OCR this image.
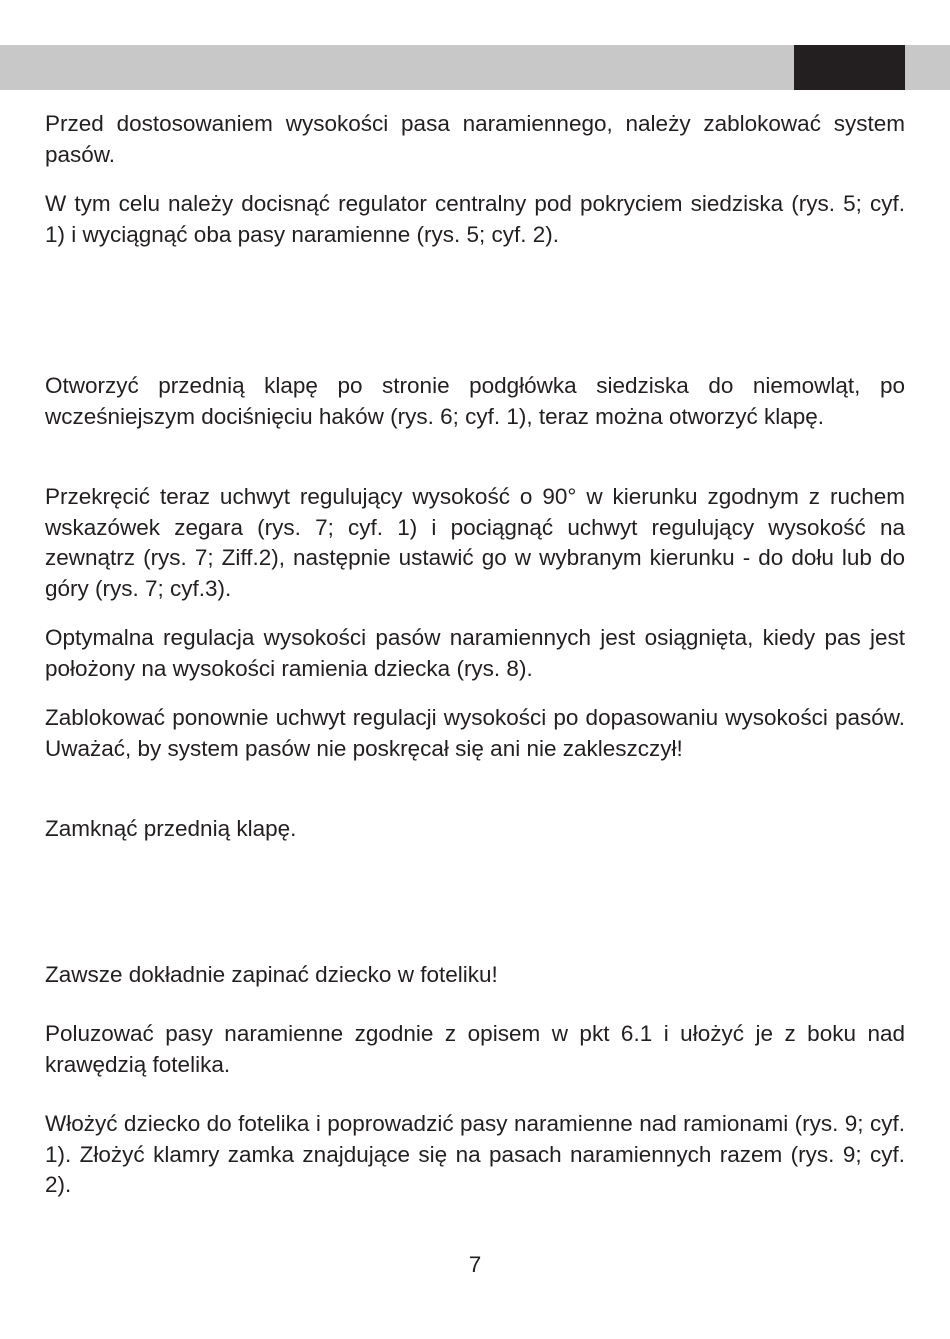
Przed dostosowaniem wysokości pasa naramiennego, należy zablokować system pasów.

W tym celu należy docisnąć regulator centralny pod pokryciem siedziska (rys. 5; cyf. 1) i wyciągnąć oba pasy naramienne (rys. 5; cyf. 2).

Otworzyć przednią klapę po stronie podgłówka siedziska do niemowląt, po wcześniejszym dociśnięciu haków (rys. 6; cyf. 1), teraz można otworzyć klapę.

Przekręcić teraz uchwyt regulujący wysokość o 90° w kierunku zgodnym z ruchem wskazówek zegara (rys. 7; cyf. 1) i pociągnąć uchwyt regulujący wysokość na zewnątrz (rys. 7; Ziff.2), następnie ustawić go w wybranym kierunku - do dołu lub do góry (rys. 7; cyf.3).

Optymalna regulacja wysokości pasów naramiennych jest osiągnięta, kiedy pas jest położony na wysokości ramienia dziecka (rys. 8).

Zablokować ponownie uchwyt regulacji wysokości po dopasowaniu wysokości pasów. Uważać, by system pasów nie poskręcał się ani nie zakleszczył!

Zamknąć przednią klapę.

Zawsze dokładnie zapinać dziecko w foteliku!

Poluzować pasy naramienne zgodnie z opisem w pkt 6.1 i ułożyć je z boku nad krawędzią fotelika.

Włożyć dziecko do fotelika i poprowadzić pasy naramienne nad ramionami (rys. 9; cyf. 1). Złożyć klamry zamka znajdujące się na pasach naramiennych razem (rys. 9; cyf. 2).

7
